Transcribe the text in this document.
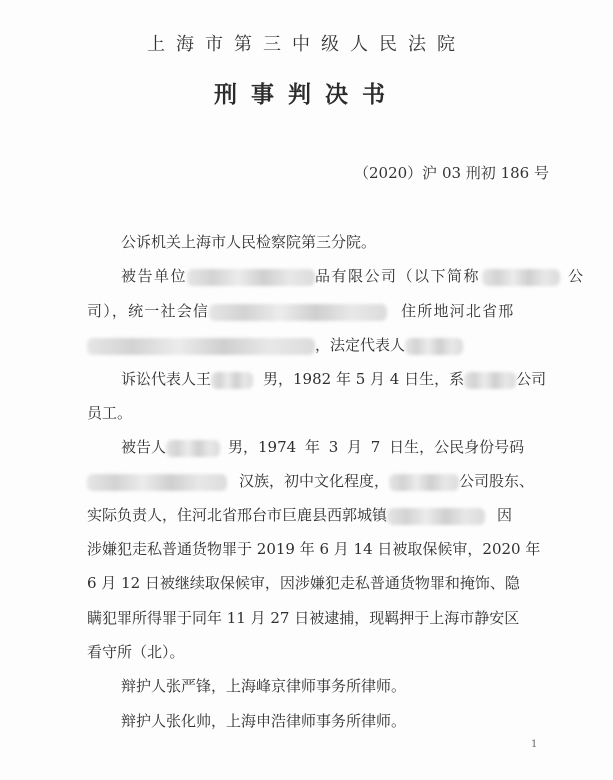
上海市第三中级人民法院
刑事判决书
（2020）沪 03 刑初 186 号
公诉机关上海市人民检察院第三分院。
被告单位	品有限公司（以下简称	公
司），统一社会信	住所地河北省邢
，法定代表人
诉讼代表人王	男，1982 年 5 月 4 日生，系	公司
员工。
被告人	男，1974 年 3 月 7 日生，公民身份号码
汉族，初中文化程度，	公司股东、
实际负责人，住河北省邢台市巨鹿县西郭城镇	因
涉嫌犯走私普通货物罪于 2019 年 6 月 14 日被取保候审，2020 年
6 月 12 日被继续取保候审，因涉嫌犯走私普通货物罪和掩饰、隐
瞒犯罪所得罪于同年 11 月 27 日被逮捕，现羁押于上海市静安区
看守所（北）。
辩护人张严锋，上海峰京律师事务所律师。
辩护人张化帅，上海申浩律师事务所律师。
1
